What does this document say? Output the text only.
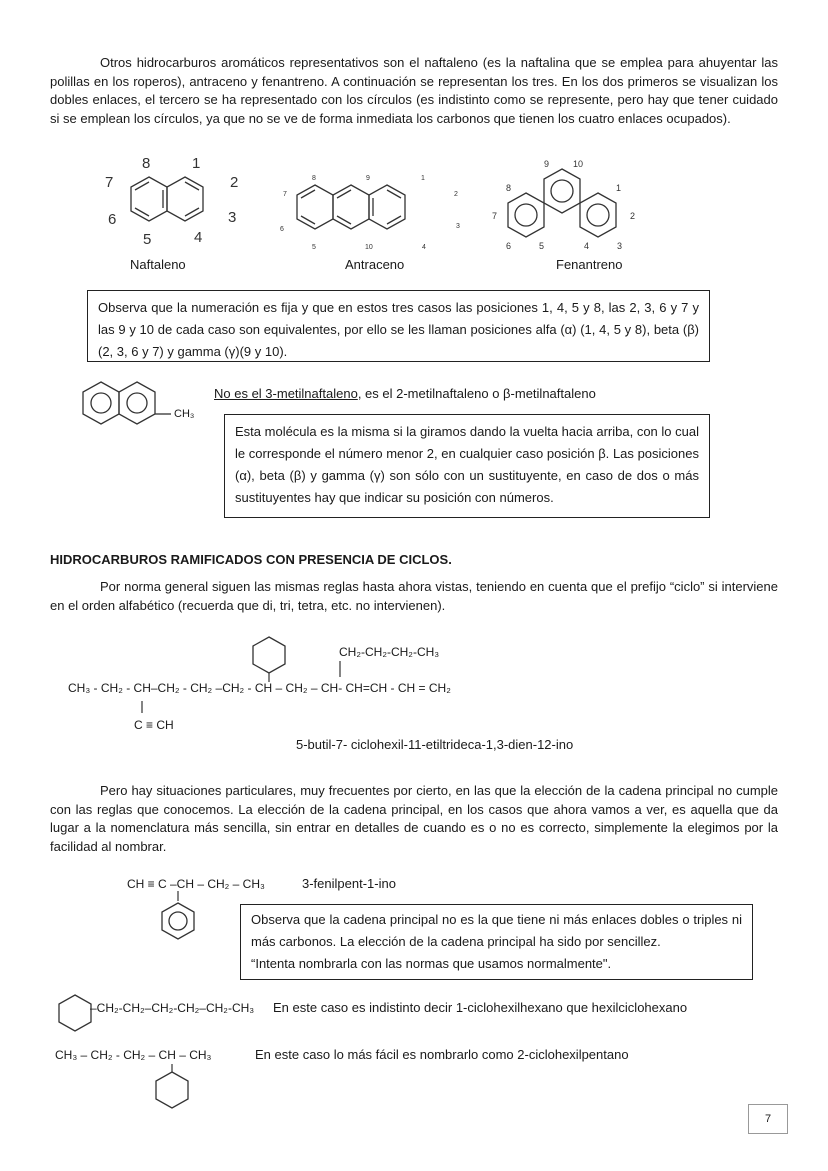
Otros hidrocarburos aromáticos representativos son el naftaleno (es la naftalina que se emplea para ahuyentar las polillas en los roperos), antraceno y fenantreno. A continuación se representan los tres. En los dos primeros se visualizan los dobles enlaces, el tercero se ha representado con los círculos (es indistinto como se represente, pero hay que tener cuidado si se emplean los círculos, ya que no se ve de forma inmediata los carbonos que tienen los cuatro enlaces ocupados).

8	1
7	2
6	3
5	4
Naftaleno
8	9	1
7	2
6	3
5	10	4
Antraceno
9	10
8	1
7	2
6	5	4	3
Fenantreno

Observa que la numeración es fija y que en estos tres casos las posiciones 1, 4, 5 y 8, las 2, 3, 6 y 7 y las 9 y 10 de cada caso son equivalentes, por ello se les llaman posiciones alfa (α) (1, 4, 5 y 8), beta (β) (2, 3, 6 y 7) y gamma (γ)(9 y 10).

CH₃
No es el 3-metilnaftaleno, es el 2-metilnaftaleno o β-metilnaftaleno

Esta molécula es la misma si la giramos dando la vuelta hacia arriba, con lo cual le corresponde el número menor 2, en cualquier caso posición β. Las posiciones (α), beta (β) y gamma (γ) son sólo con un sustituyente, en caso de dos o más sustituyentes hay que indicar su posición con números.

HIDROCARBUROS RAMIFICADOS CON PRESENCIA DE CICLOS.

Por norma general siguen las mismas reglas hasta ahora vistas, teniendo en cuenta que el prefijo “ciclo” si interviene en el orden alfabético (recuerda que di, tri, tetra, etc. no intervienen).

CH₂-CH₂-CH₂-CH₃
CH₃ - CH₂ - CH–CH₂ - CH₂ –CH₂ - CH – CH₂ – CH- CH=CH - CH = CH₂
C ≡ CH
5-butil-7- ciclohexil-11-etiltrideca-1,3-dien-12-ino

Pero hay situaciones particulares, muy frecuentes por cierto, en las que la elección de la cadena principal no cumple con las reglas que conocemos. La elección de la cadena principal, en los casos que ahora vamos a ver, es aquella que da lugar a la nomenclatura más sencilla, sin entrar en detalles de cuando es o no es correcto, simplemente la elegimos por la facilidad al nombrar.

CH ≡ C –CH – CH₂ – CH₃	3-fenilpent-1-ino

Observa que la cadena principal no es la que tiene ni más enlaces dobles o triples ni más carbonos. La elección de la cadena principal ha sido por sencillez.

“Intenta nombrarla con las normas que usamos normalmente".

–CH₂-CH₂–CH₂-CH₂–CH₂-CH₃ En este caso es indistinto decir 1-ciclohexilhexano que hexilciclohexano
CH₃ – CH₂ - CH₂ – CH – CH₃	En este caso lo más fácil es nombrarlo como 2-ciclohexilpentano
7
